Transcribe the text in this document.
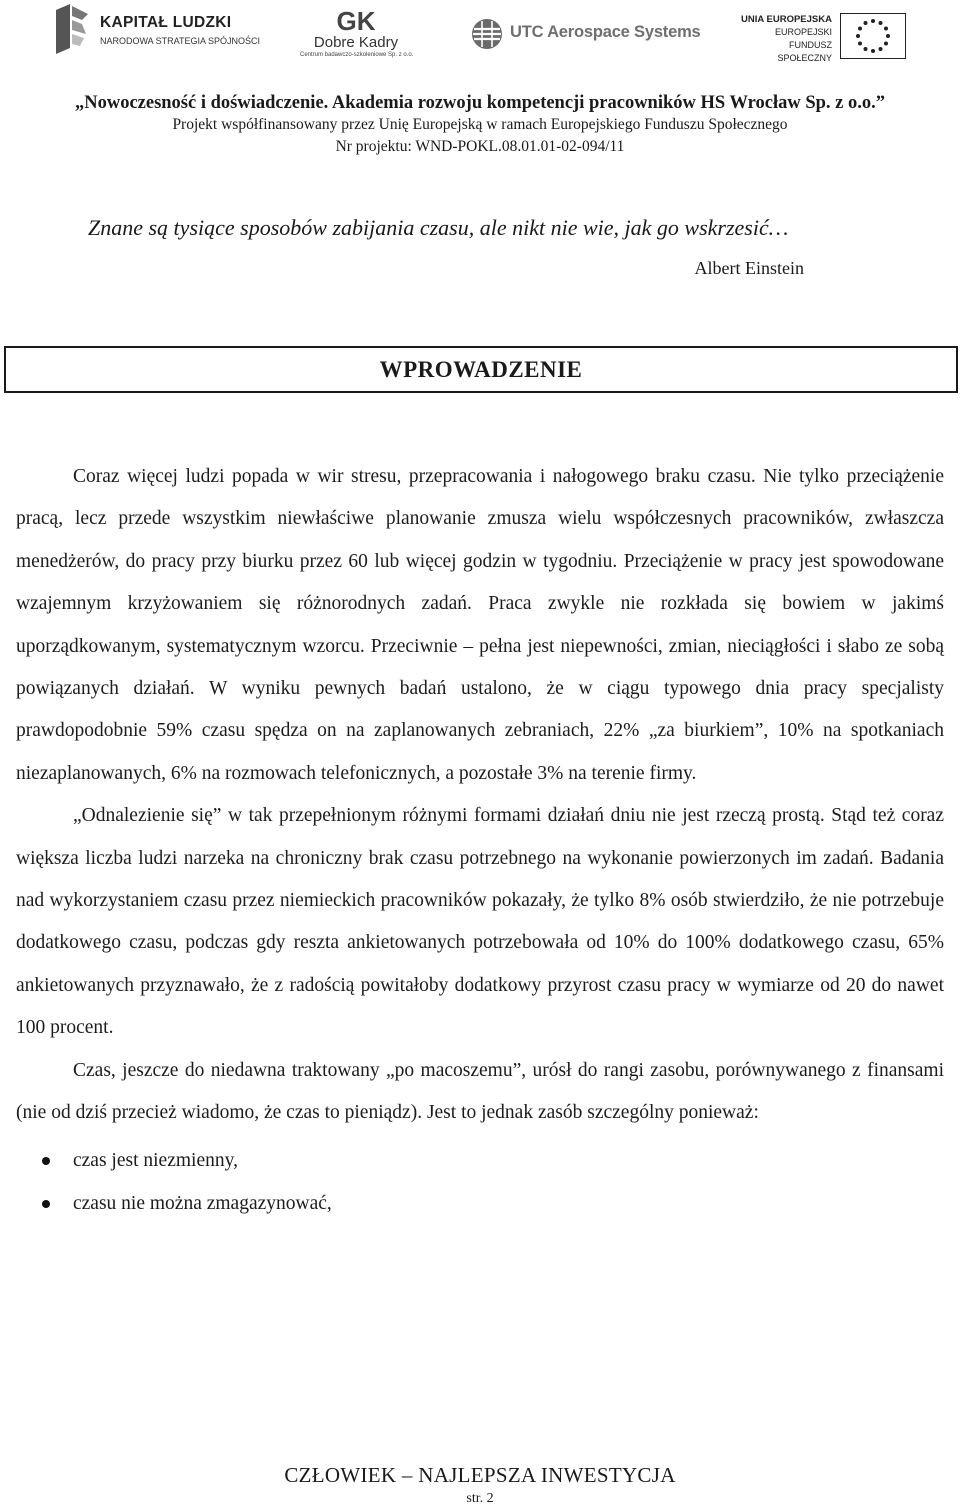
KAPITAŁ LUDZKI
NARODOWA STRATEGIA SPÓJNOŚCI
GK
Dobre Kadry
Centrum badawczo-szkoleniowe Sp. z o.o.
UTC Aerospace Systems
UNIA EUROPEJSKA
EUROPEJSKI
FUNDUSZ SPOŁECZNY
„Nowoczesność i doświadczenie. Akademia rozwoju kompetencji pracowników HS Wrocław Sp. z o.o.”
Projekt współfinansowany przez Unię Europejską w ramach Europejskiego Funduszu Społecznego
Nr projektu: WND-POKL.08.01.01-02-094/11
Znane są tysiące sposobów zabijania czasu, ale nikt nie wie, jak go wskrzesić…
Albert Einstein
WPROWADZENIE

Coraz więcej ludzi popada w wir stresu, przepracowania i nałogowego braku czasu. Nie tylko przeciążenie pracą, lecz przede wszystkim niewłaściwe planowanie zmusza wielu współczesnych pracowników, zwłaszcza menedżerów, do pracy przy biurku przez 60 lub więcej godzin w tygodniu. Przeciążenie w pracy jest spowodowane wzajemnym krzyżowaniem się różnorodnych zadań. Praca zwykle nie rozkłada się bowiem w jakimś uporządkowanym, systematycznym wzorcu. Przeciwnie – pełna jest niepewności, zmian, nieciągłości i słabo ze sobą powiązanych działań. W wyniku pewnych badań ustalono, że w ciągu typowego dnia pracy specjalisty prawdopodobnie 59% czasu spędza on na zaplanowanych zebraniach, 22% „za biurkiem”, 10% na spotkaniach niezaplanowanych, 6% na rozmowach telefonicznych, a pozostałe 3% na terenie firmy.

„Odnalezienie się” w tak przepełnionym różnymi formami działań dniu nie jest rzeczą prostą. Stąd też coraz większa liczba ludzi narzeka na chroniczny brak czasu potrzebnego na wykonanie powierzonych im zadań. Badania nad wykorzystaniem czasu przez niemieckich pracowników pokazały, że tylko 8% osób stwierdziło, że nie potrzebuje dodatkowego czasu, podczas gdy reszta ankietowanych potrzebowała od 10% do 100% dodatkowego czasu, 65% ankietowanych przyznawało, że z radością powitałoby dodatkowy przyrost czasu pracy w wymiarze od 20 do nawet 100 procent.

Czas, jeszcze do niedawna traktowany „po macoszemu”, urósł do rangi zasobu, porównywanego z finansami (nie od dziś przecież wiadomo, że czas to pieniądz). Jest to jednak zasób szczególny ponieważ:

czas jest niezmienny,
czasu nie można zmagazynować,
CZŁOWIEK – NAJLEPSZA INWESTYCJA
str. 2
